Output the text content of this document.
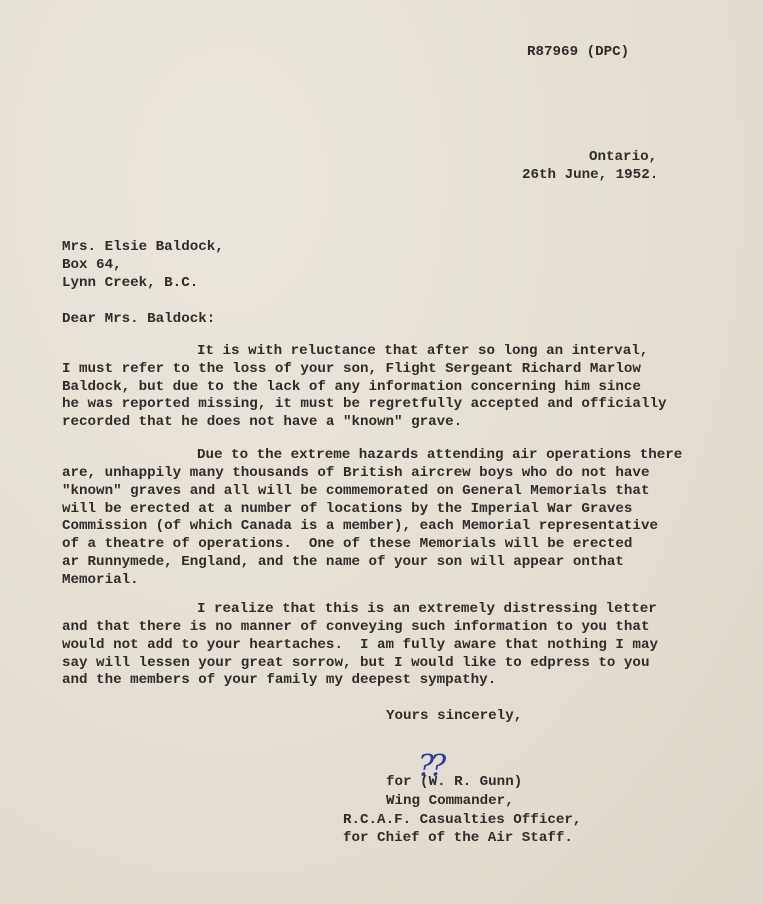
R87969 (DPC)
Ontario,
26th June, 1952.
Mrs. Elsie Baldock,
Box 64,
Lynn Creek, B.C.
Dear Mrs. Baldock:
It is with reluctance that after so long an interval,
I must refer to the loss of your son, Flight Sergeant Richard Marlow
Baldock, but due to the lack of any information concerning him since
he was reported missing, it must be regretfully accepted and officially
recorded that he does not have a "known" grave.
Due to the extreme hazards attending air operations there
are, unhappily many thousands of British aircrew boys who do not have
"known" graves and all will be commemorated on General Memorials that
will be erected at a number of locations by the Imperial War Graves
Commission (of which Canada is a member), each Memorial representative
of a theatre of operations.  One of these Memorials will be erected
ar Runnymede, England, and the name of your son will appear onthat
Memorial.
I realize that this is an extremely distressing letter
and that there is no manner of conveying such information to you that
would not add to your heartaches.  I am fully aware that nothing I may
say will lessen your great sorrow, but I would like to edpress to you
and the members of your family my deepest sympathy.
Yours sincerely,
??
for (W. R. Gunn)
Wing Commander,
R.C.A.F. Casualties Officer,
for Chief of the Air Staff.
